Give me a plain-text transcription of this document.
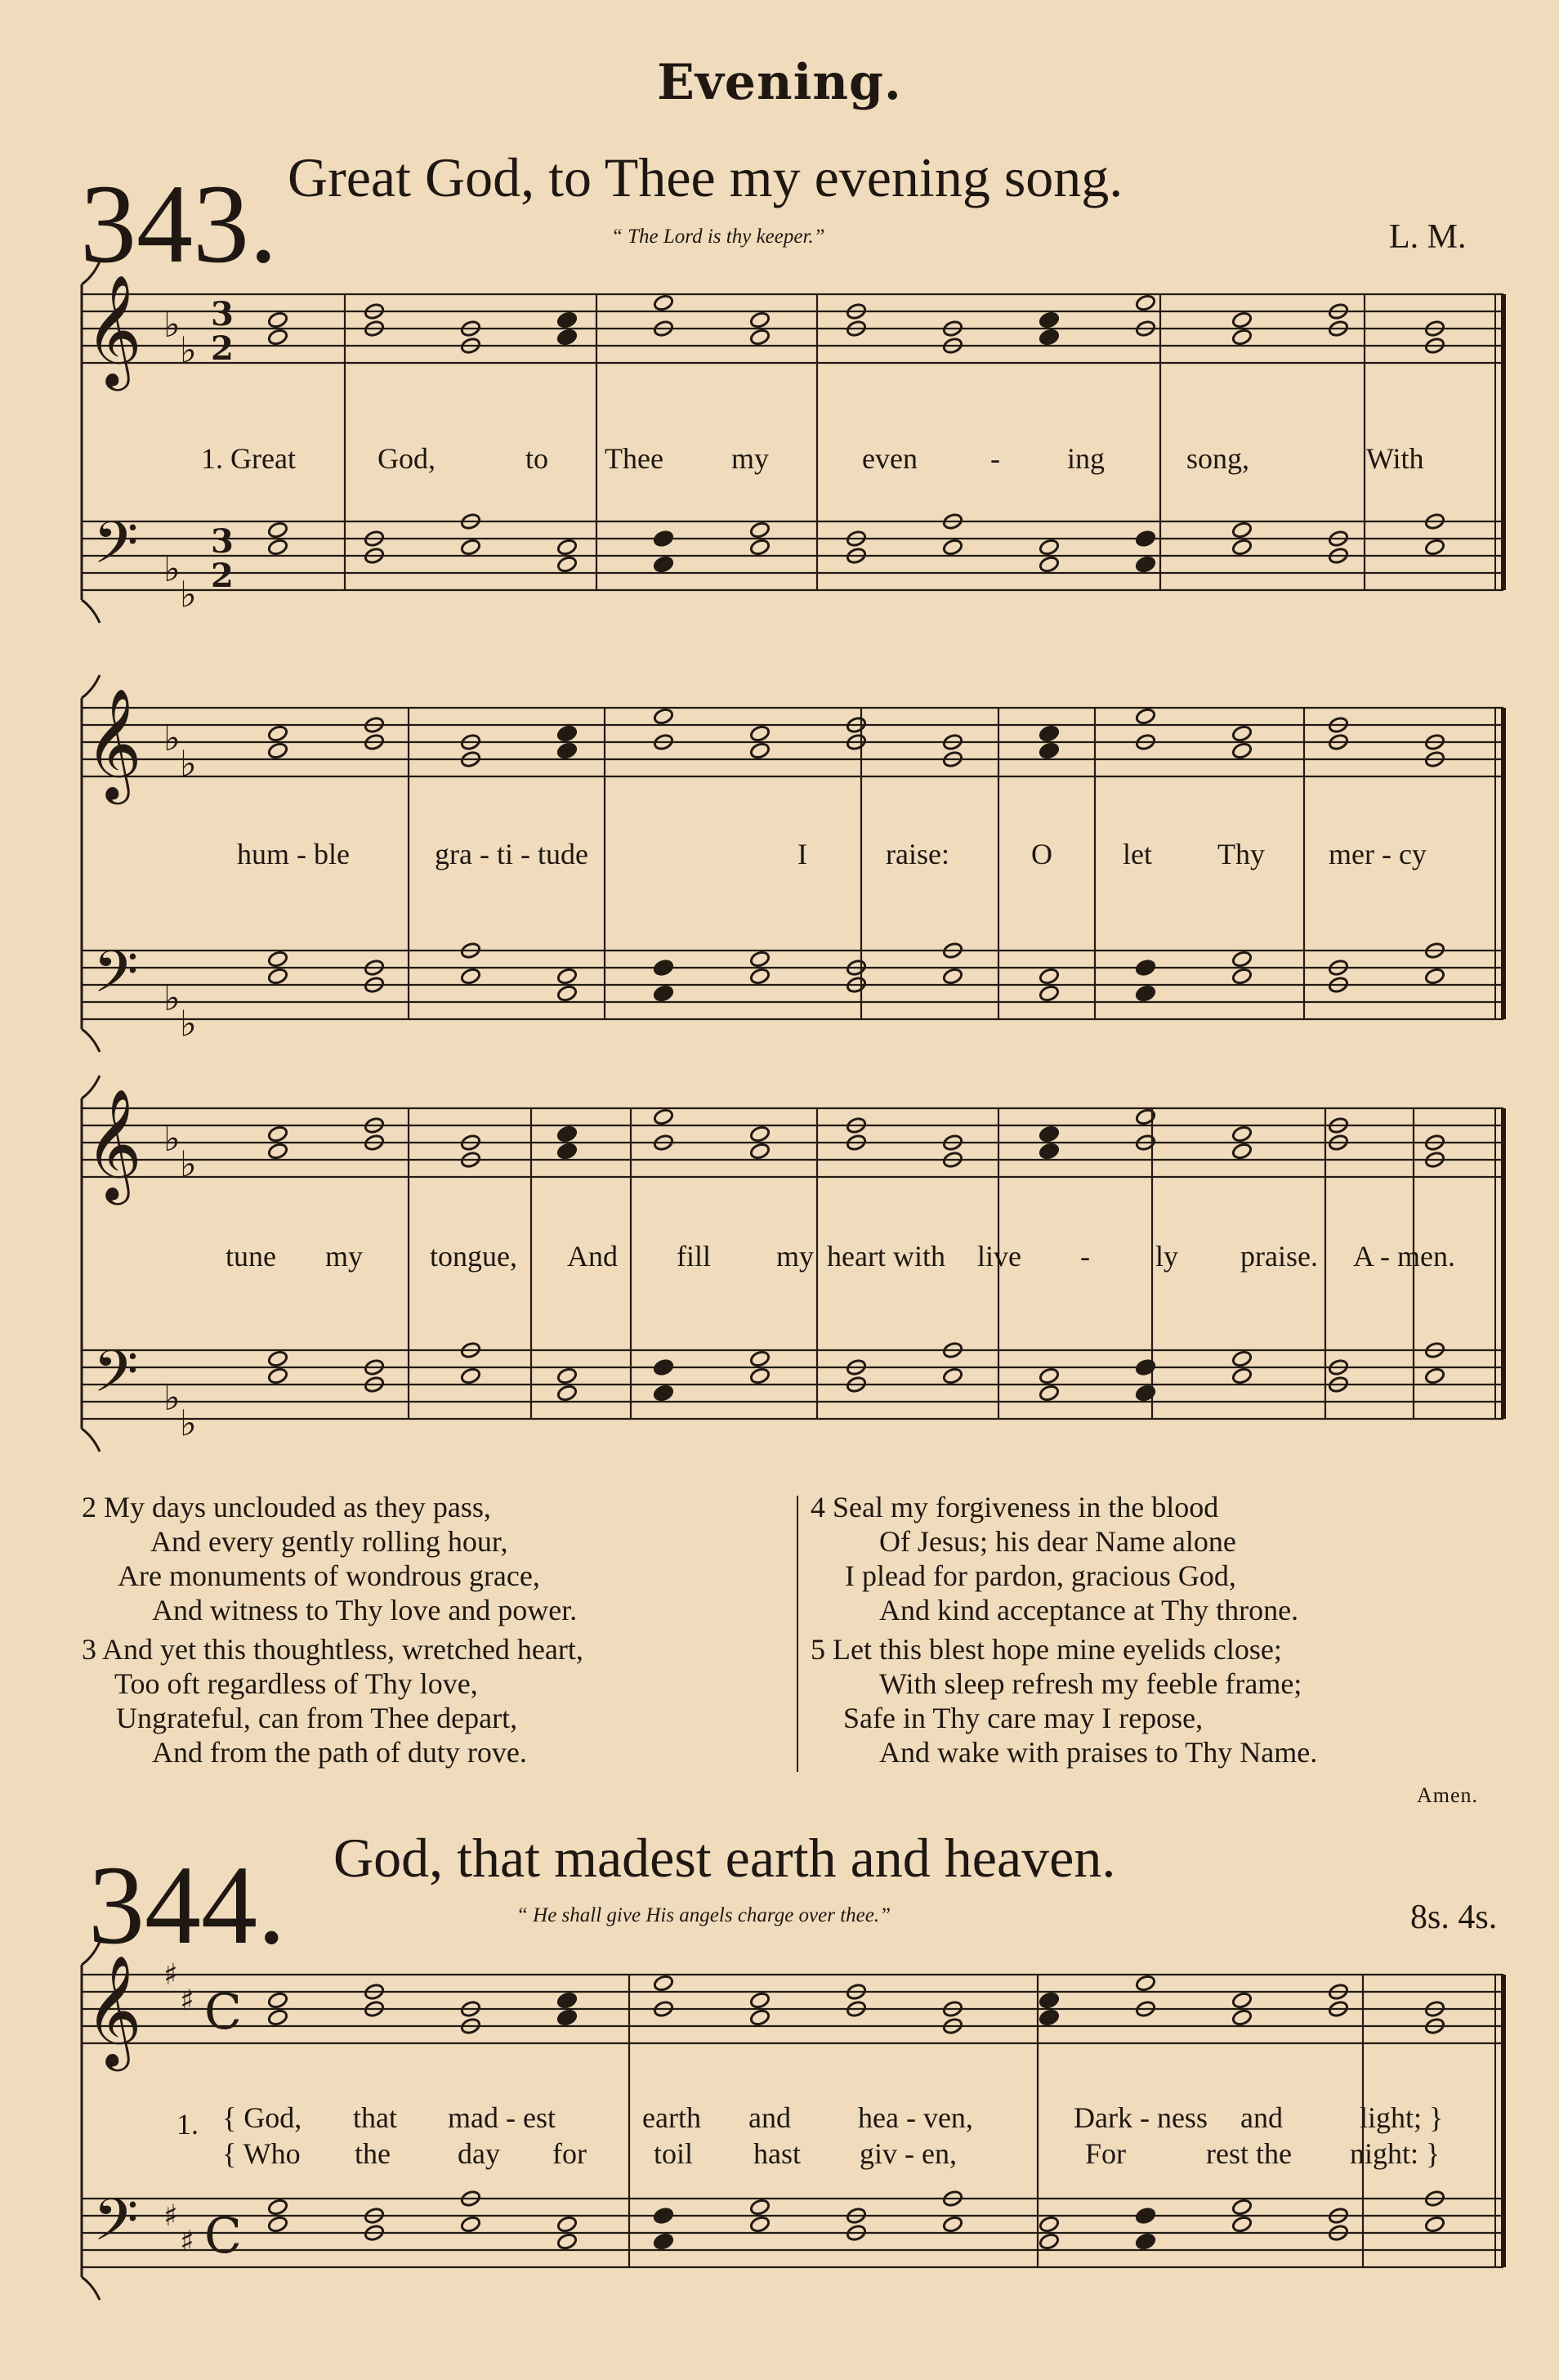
Evening.
343. Great God, to Thee my evening song.
“ The Lord is thy keeper.”	L. M.
𝄞
𝄢
♭
♭
♭
♭
3
2
3
2
𝄞
𝄢
♭
♭
♭
♭
𝄞
𝄢
♭
♭
♭
♭
𝄞
𝄢
♯
♯
♯
♯
C
C
1. Great	God,	to Thee my	even - ing	song,	With
hum - ble	gra - ti - tude	I	raise:	O let Thy mer - cy
tune my tongue, And fill my heart with live - ly praise. A - men.
2 My days unclouded as they pass,
And every gently rolling hour,
Are monuments of wondrous grace,
And witness to Thy love and power.
3 And yet this thoughtless, wretched heart,
Too oft regardless of Thy love,
Ungrateful, can from Thee depart,
And from the path of duty rove.
4 Seal my forgiveness in the blood
Of Jesus; his dear Name alone
I plead for pardon, gracious God,
And kind acceptance at Thy throne.
5 Let this blest hope mine eyelids close;
With sleep refresh my feeble frame;
Safe in Thy care may I repose,
And wake with praises to Thy Name.
Amen.
344. God, that madest earth and heaven.
“ He shall give His angels charge over thee.”	8s. 4s.
1. { God, that mad - est	earth and hea - ven,	Dark - ness and	light; }
{ Who the day for toil hast giv - en,	For	rest the night: }
